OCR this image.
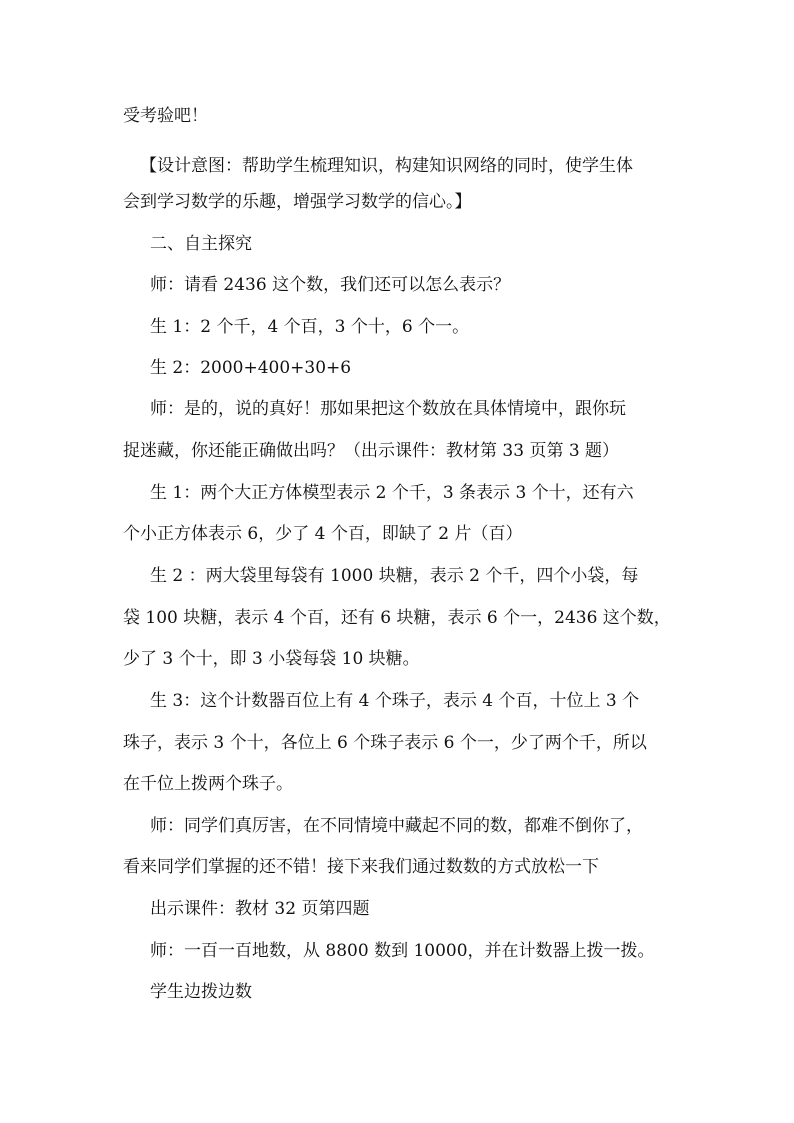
受考验吧！
【设计意图：帮助学生梳理知识，构建知识网络的同时，使学生体
会到学习数学的乐趣，增强学习数学的信心。】
二、自主探究
师：请看 2436 这个数，我们还可以怎么表示？
生 1：2 个千，4 个百，3 个十，6 个一。
生 2：2000+400+30+6
师：是的，说的真好！那如果把这个数放在具体情境中，跟你玩
捉迷藏，你还能正确做出吗？（出示课件：教材第 33 页第 3 题）
生 1：两个大正方体模型表示 2 个千，3 条表示 3 个十，还有六
个小正方体表示 6，少了 4 个百，即缺了 2 片（百）
生 2 ：两大袋里每袋有 1000 块糖，表示 2 个千，四个小袋，每
袋 100 块糖，表示 4 个百，还有 6 块糖，表示 6 个一，2436 这个数，
少了 3 个十，即 3 小袋每袋 10 块糖。
生 3：这个计数器百位上有 4 个珠子，表示 4 个百，十位上 3 个
珠子，表示 3 个十，各位上 6 个珠子表示 6 个一，少了两个千，所以
在千位上拨两个珠子。
师：同学们真厉害，在不同情境中藏起不同的数，都难不倒你了，
看来同学们掌握的还不错！接下来我们通过数数的方式放松一下
出示课件：教材 32 页第四题
师：一百一百地数，从 8800 数到 10000，并在计数器上拨一拨。
学生边拨边数
